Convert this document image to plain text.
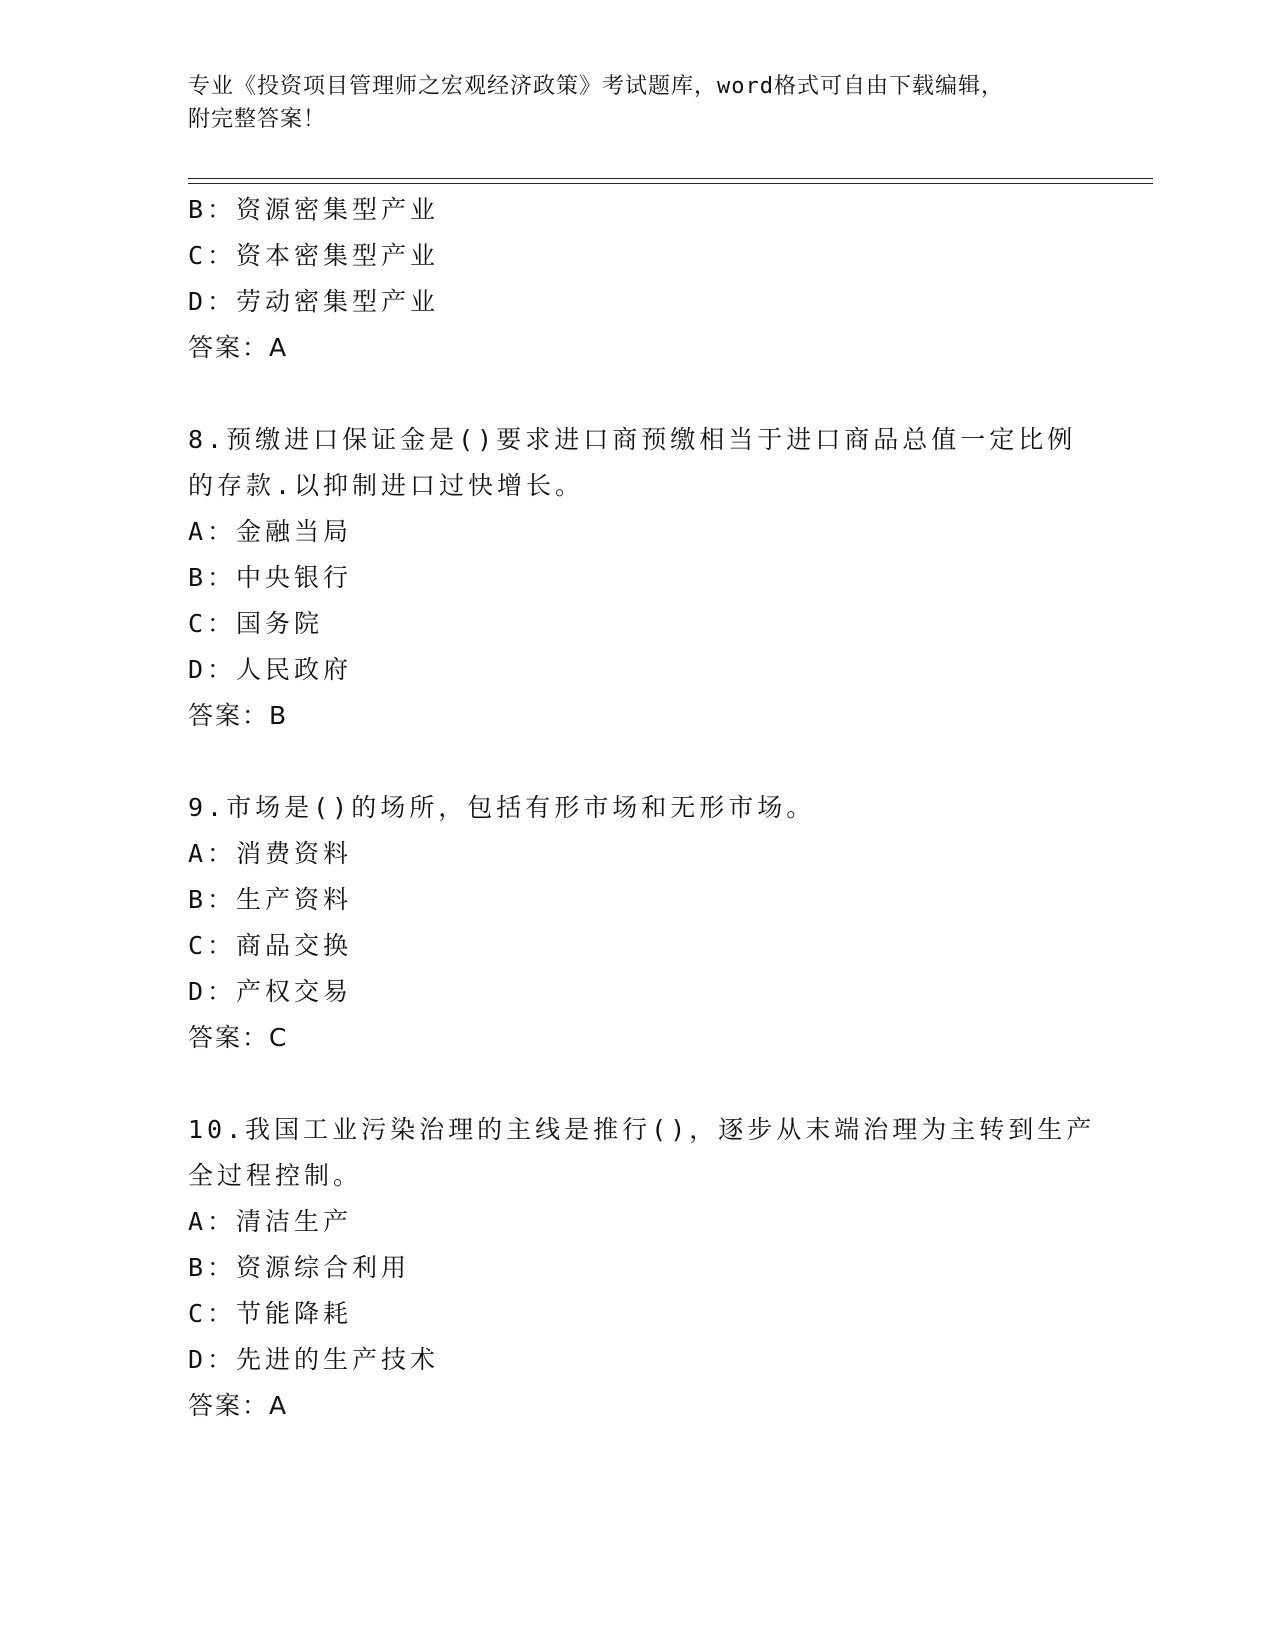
专业《投资项目管理师之宏观经济政策》考试题库，word格式可自由下载编辑，
附完整答案！
B：资源密集型产业
C：资本密集型产业
D：劳动密集型产业
答案：A
8.预缴进口保证金是()要求进口商预缴相当于进口商品总值一定比例
的存款.以抑制进口过快增长。
A：金融当局
B：中央银行
C：国务院
D：人民政府
答案：B
9.市场是()的场所，包括有形市场和无形市场。
A：消费资料
B：生产资料
C：商品交换
D：产权交易
答案：C
10.我国工业污染治理的主线是推行()，逐步从末端治理为主转到生产
全过程控制。
A：清洁生产
B：资源综合利用
C：节能降耗
D：先进的生产技术
答案：A
